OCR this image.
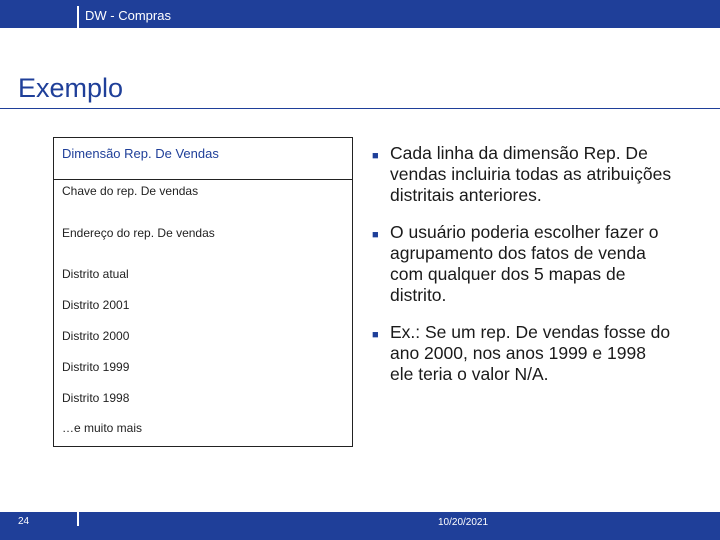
DW - Compras
Exemplo
Dimensão Rep. De Vendas
Chave do rep. De vendas
Endereço do rep. De vendas
Distrito atual
Distrito 2001
Distrito 2000
Distrito 1999
Distrito 1998
…e muito mais
■ Cada linha da dimensão Rep. De vendas incluiria todas as atribuições distritais anteriores.
■ O usuário poderia escolher fazer o agrupamento dos fatos de venda com qualquer dos 5 mapas de distrito.
■ Ex.: Se um rep. De vendas fosse do ano 2000, nos anos 1999 e 1998 ele teria o valor N/A.
24	10/20/2021
